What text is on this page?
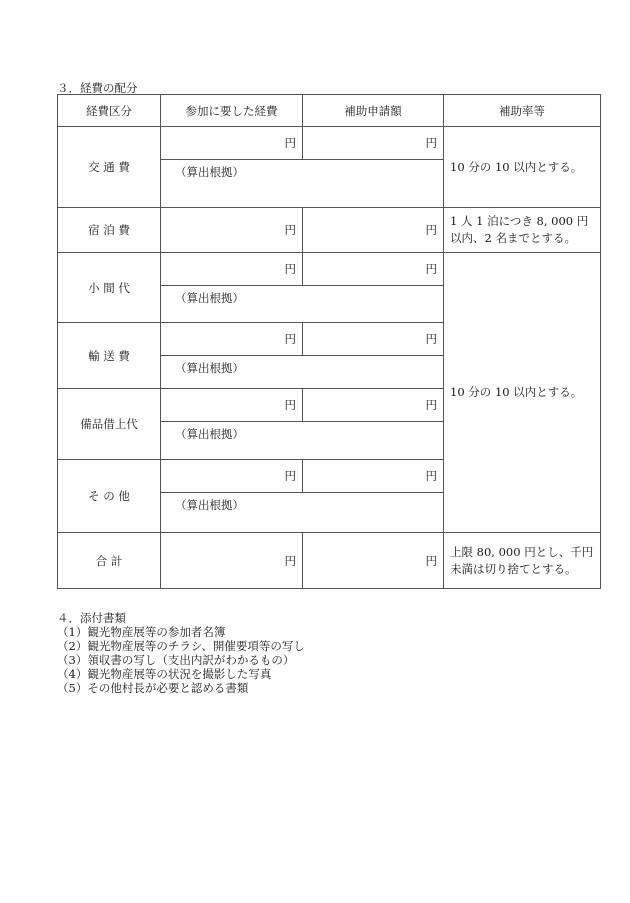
３．経費の配分
経費区分	参加に要した経費	補助申請額	補助率等
交 通 費	円	円	10 分の 10 以内とする。
	（算出根拠）		
宿 泊 費	円	円	1 人 1 泊につき 8, 000 円以内、2 名までとする。
小 間 代	円	円	10 分の 10 以内とする。
	（算出根拠）		
輸 送 費	円	円	
	（算出根拠）		
備品借上代	円	円	
	（算出根拠）		
そ の 他	円	円	
	（算出根拠）		
合 計	円	円	上限 80, 000 円とし、千円未満は切り捨てとする。
４．添付書類
（1）観光物産展等の参加者名簿
（2）観光物産展等のチラシ、開催要項等の写し
（3）領収書の写し（支出内訳がわかるもの）
（4）観光物産展等の状況を撮影した写真
（5）その他村長が必要と認める書類
